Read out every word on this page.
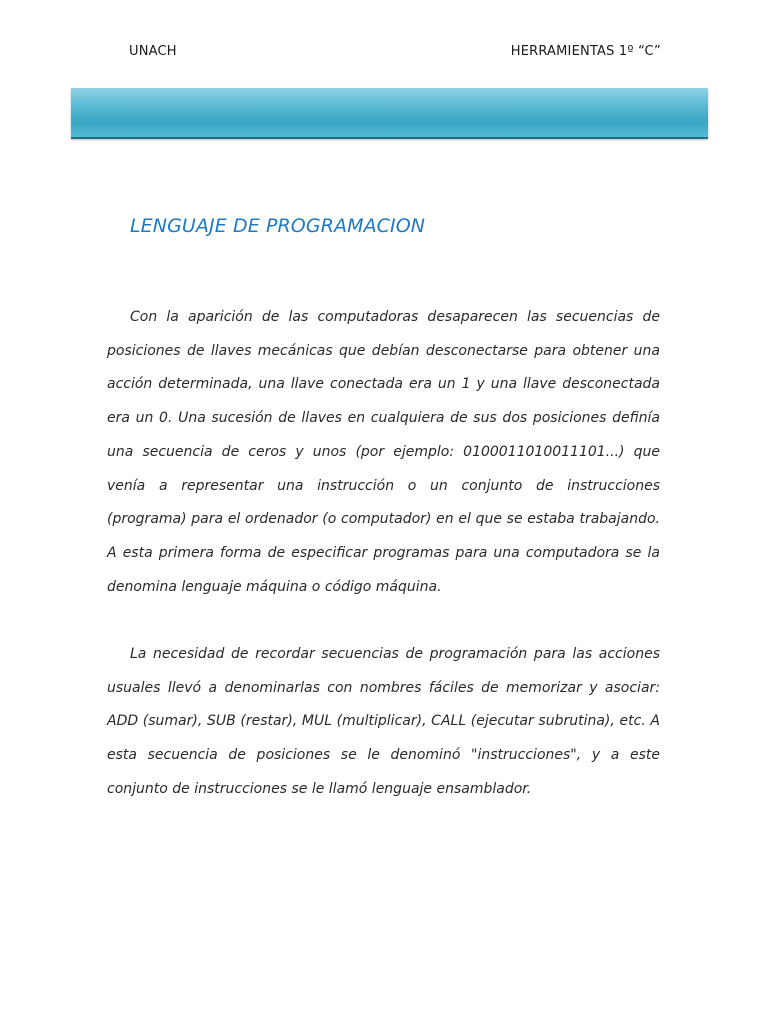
UNACH	HERRAMIENTAS 1º “C”
LENGUAJE DE PROGRAMACION

Con la aparición de las computadoras desaparecen las secuencias de posiciones de llaves mecánicas que debían desconectarse para obtener una acción determinada, una llave conectada era un 1 y una llave desconectada era un 0. Una sucesión de llaves en cualquiera de sus dos posiciones definía una secuencia de ceros y unos (por ejemplo: 0100011010011101...) que venía a representar una instrucción o un conjunto de instrucciones (programa) para el ordenador (o computador) en el que se estaba trabajando. A esta primera forma de especificar programas para una computadora se la denomina lenguaje máquina o código máquina.

La necesidad de recordar secuencias de programación para las acciones usuales llevó a denominarlas con nombres fáciles de memorizar y asociar: ADD (sumar), SUB (restar), MUL (multiplicar), CALL (ejecutar subrutina), etc. A esta secuencia de posiciones se le denominó "instrucciones", y a este conjunto de instrucciones se le llamó lenguaje ensamblador.
